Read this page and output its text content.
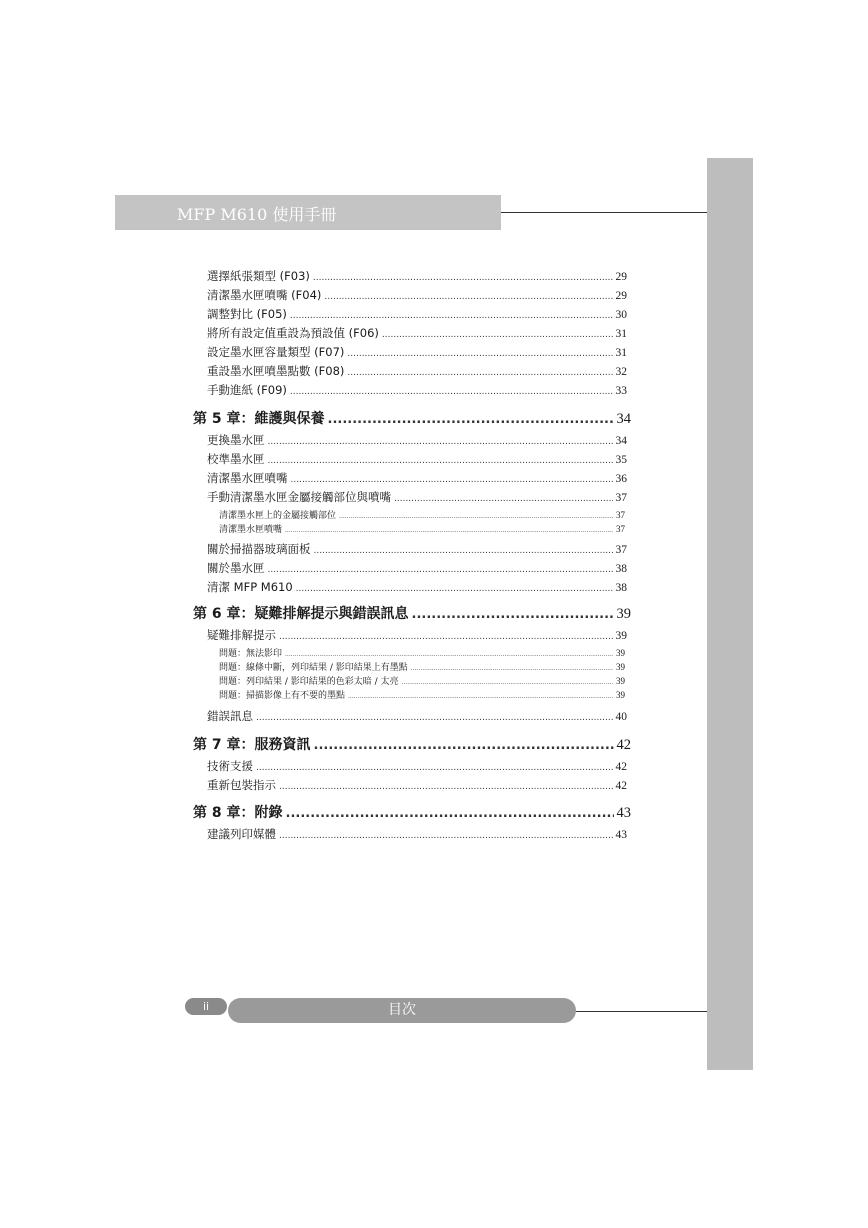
MFP M610 使用手冊
選擇紙張類型 (F03) .....	29
清潔墨水匣噴嘴 (F04) .....	29
調整對比 (F05) .....	30
將所有設定值重設為預設值 (F06) .....	31
設定墨水匣容量類型 (F07) .....	31
重設墨水匣噴墨點數 (F08) .....	32
手動進紙 (F09) .....	33
第 5 章：維護與保養 .....	34
更換墨水匣 .....	34
校準墨水匣 .....	35
清潔墨水匣噴嘴 .....	36
手動清潔墨水匣金屬接觸部位與噴嘴 .....	37
清潔墨水匣上的金屬接觸部位 .....	37
清潔墨水匣噴嘴 .....	37
關於掃描器玻璃面板 .....	37
關於墨水匣 .....	38
清潔 MFP M610 .....	38
第 6 章：疑難排解提示與錯誤訊息 .....	39
疑難排解提示 .....	39
問題：無法影印 .....	39
問題：線條中斷，列印結果 / 影印結果上有墨點 .....	39
問題：列印結果 / 影印結果的色彩太暗 / 太亮 .....	39
問題：掃描影像上有不要的墨點 .....	39
錯誤訊息 .....	40
第 7 章：服務資訊 .....	42
技術支援 .....	42
重新包裝指示 .....	42
第 8 章：附錄 .....	43
建議列印媒體 .....	43
ii	目次
